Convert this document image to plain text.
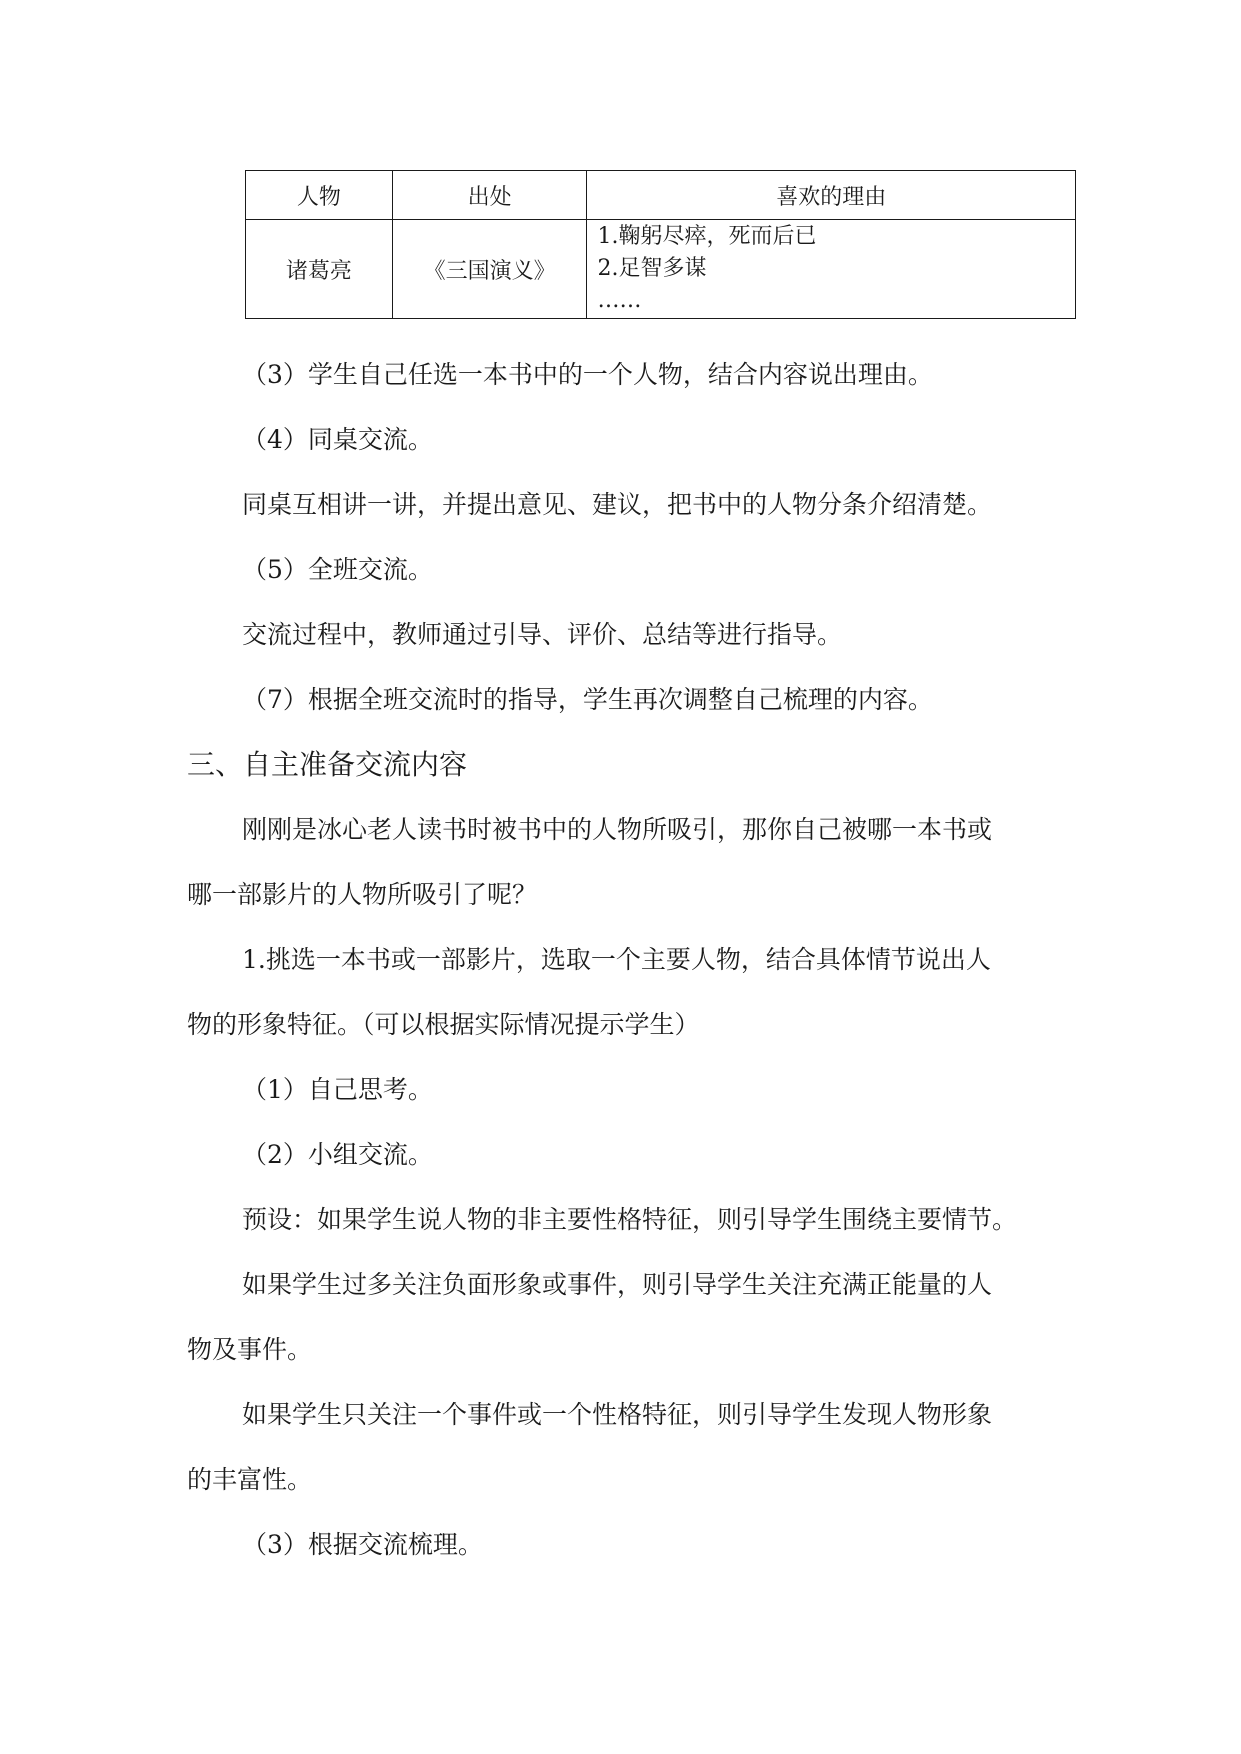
人物	出处	喜欢的理由
诸葛亮	《三国演义》	1.鞠躬尽瘁，死而后已
2.足智多谋
……
（3）学生自己任选一本书中的一个人物，结合内容说出理由。
（4）同桌交流。
同桌互相讲一讲，并提出意见、建议，把书中的人物分条介绍清楚。
（5）全班交流。
交流过程中，教师通过引导、评价、总结等进行指导。
（7）根据全班交流时的指导，学生再次调整自己梳理的内容。
三、自主准备交流内容
刚刚是冰心老人读书时被书中的人物所吸引，那你自己被哪一本书或
哪一部影片的人物所吸引了呢？
1.挑选一本书或一部影片，选取一个主要人物，结合具体情节说出人
物的形象特征。（可以根据实际情况提示学生）
（1）自己思考。
（2）小组交流。
预设：如果学生说人物的非主要性格特征，则引导学生围绕主要情节。
如果学生过多关注负面形象或事件，则引导学生关注充满正能量的人
物及事件。
如果学生只关注一个事件或一个性格特征，则引导学生发现人物形象
的丰富性。
（3）根据交流梳理。
